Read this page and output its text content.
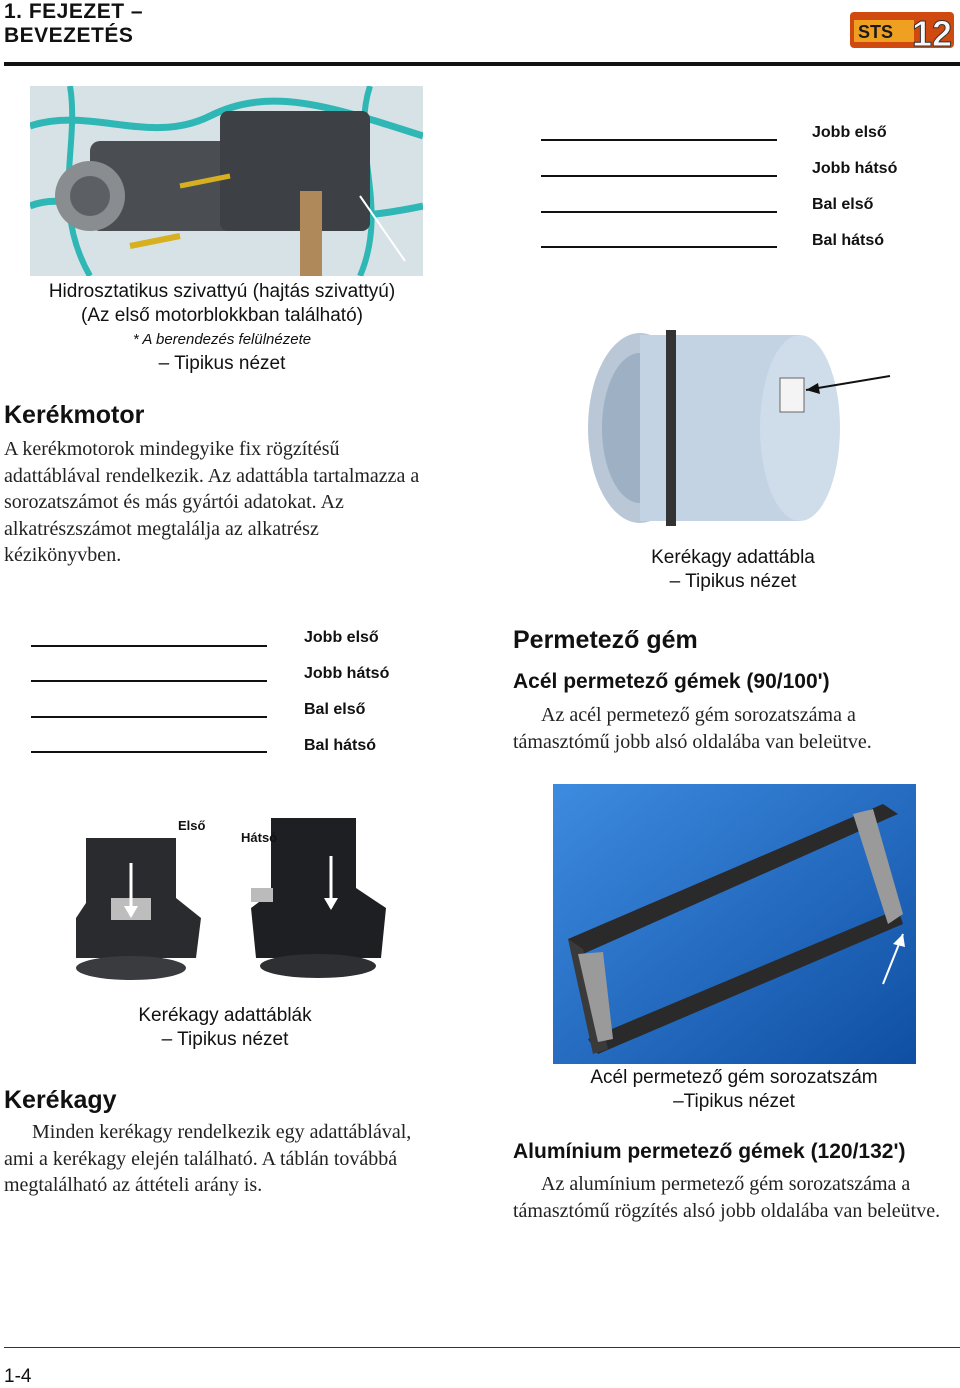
1. FEJEZET –
BEVEZETÉS	STS 12
Hidrosztatikus szivattyú (hajtás szivattyú)
(Az első motorblokkban található)
* A berendezés felülnézete
– Tipikus nézet
Jobb első
Jobb hátsó
Bal első
Bal hátsó
Kerékmotor
A kerékmotorok mindegyike fix rögzítésű adattáblával rendelkezik. Az adattábla tartalmazza a sorozatszámot és más gyártói adatokat. Az alkatrészszámot megtalálja az alkatrész kézikönyvben.	Kerékagy adattábla
– Tipikus nézet
Jobb első
Jobb hátsó
Bal első
Bal hátsó
Permetező gém
Acél permetező gémek (90/100')
Az acél permetező gém sorozatszáma a támasztómű jobb alsó oldalába van beleütve.
Első
Hátsó
Kerékagy adattáblák
– Tipikus nézet
Acél permetező gém sorozatszám
–Tipikus nézet
Kerékagy
Minden kerékagy rendelkezik egy adattáblával, ami a kerékagy elején található. A táblán továbbá megtalálható az áttételi arány is.
Alumínium permetező gémek (120/132')
Az alumínium permetező gém sorozatszáma a támasztómű rögzítés alsó jobb oldalába van beleütve.
1-4
